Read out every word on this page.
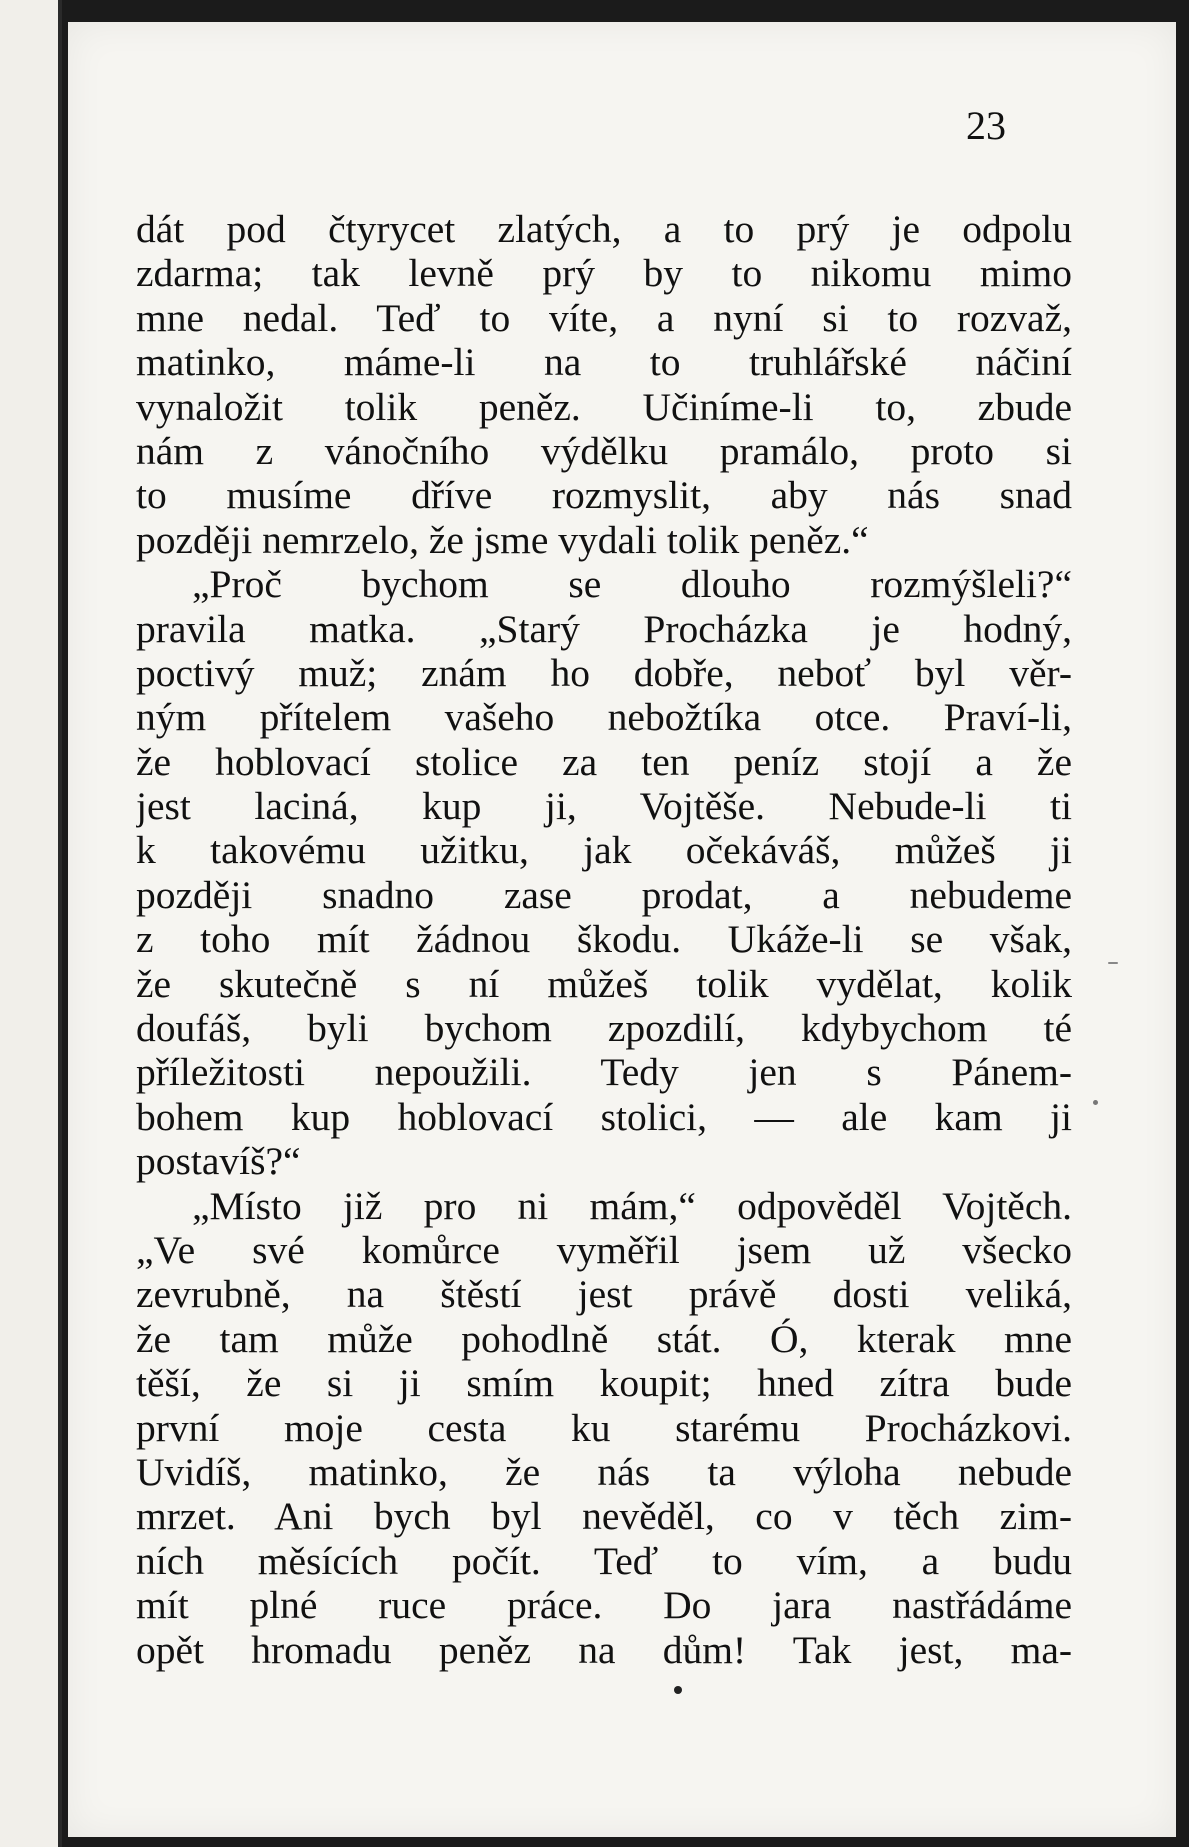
23
dát pod čtyrycet zlatých, a to prý je odpolu
zdarma; tak levně prý by to nikomu mimo
mne nedal. Teď to víte, a nyní si to rozvaž,
matinko, máme-li na to truhlářské náčiní
vynaložit tolik peněz. Učiníme-li to, zbude
nám z vánočního výdělku pramálo, proto si
to musíme dříve rozmyslit, aby nás snad
později nemrzelo, že jsme vydali tolik peněz.“
„Proč bychom se dlouho rozmýšleli?“
pravila matka. „Starý Procházka je hodný,
poctivý muž; znám ho dobře, neboť byl věr-
ným přítelem vašeho nebožtíka otce. Praví-li,
že hoblovací stolice za ten peníz stojí a že
jest laciná, kup ji, Vojtěše. Nebude-li ti
k takovému užitku, jak očekáváš, můžeš ji
později snadno zase prodat, a nebudeme
z toho mít žádnou škodu. Ukáže-li se však,
že skutečně s ní můžeš tolik vydělat, kolik
doufáš, byli bychom zpozdilí, kdybychom té
příležitosti nepoužili. Tedy jen s Pánem-
bohem kup hoblovací stolici, — ale kam ji
postavíš?“
„Místo již pro ni mám,“ odpověděl Vojtěch.
„Ve své komůrce vyměřil jsem už všecko
zevrubně, na štěstí jest právě dosti veliká,
že tam může pohodlně stát. Ó, kterak mne
těší, že si ji smím koupit; hned zítra bude
první moje cesta ku starému Procházkovi.
Uvidíš, matinko, že nás ta výloha nebude
mrzet. Ani bych byl nevěděl, co v těch zim-
ních měsících počít. Teď to vím, a budu
mít plné ruce práce. Do jara nastřádáme
opět hromadu peněz na dům! Tak jest, ma-
